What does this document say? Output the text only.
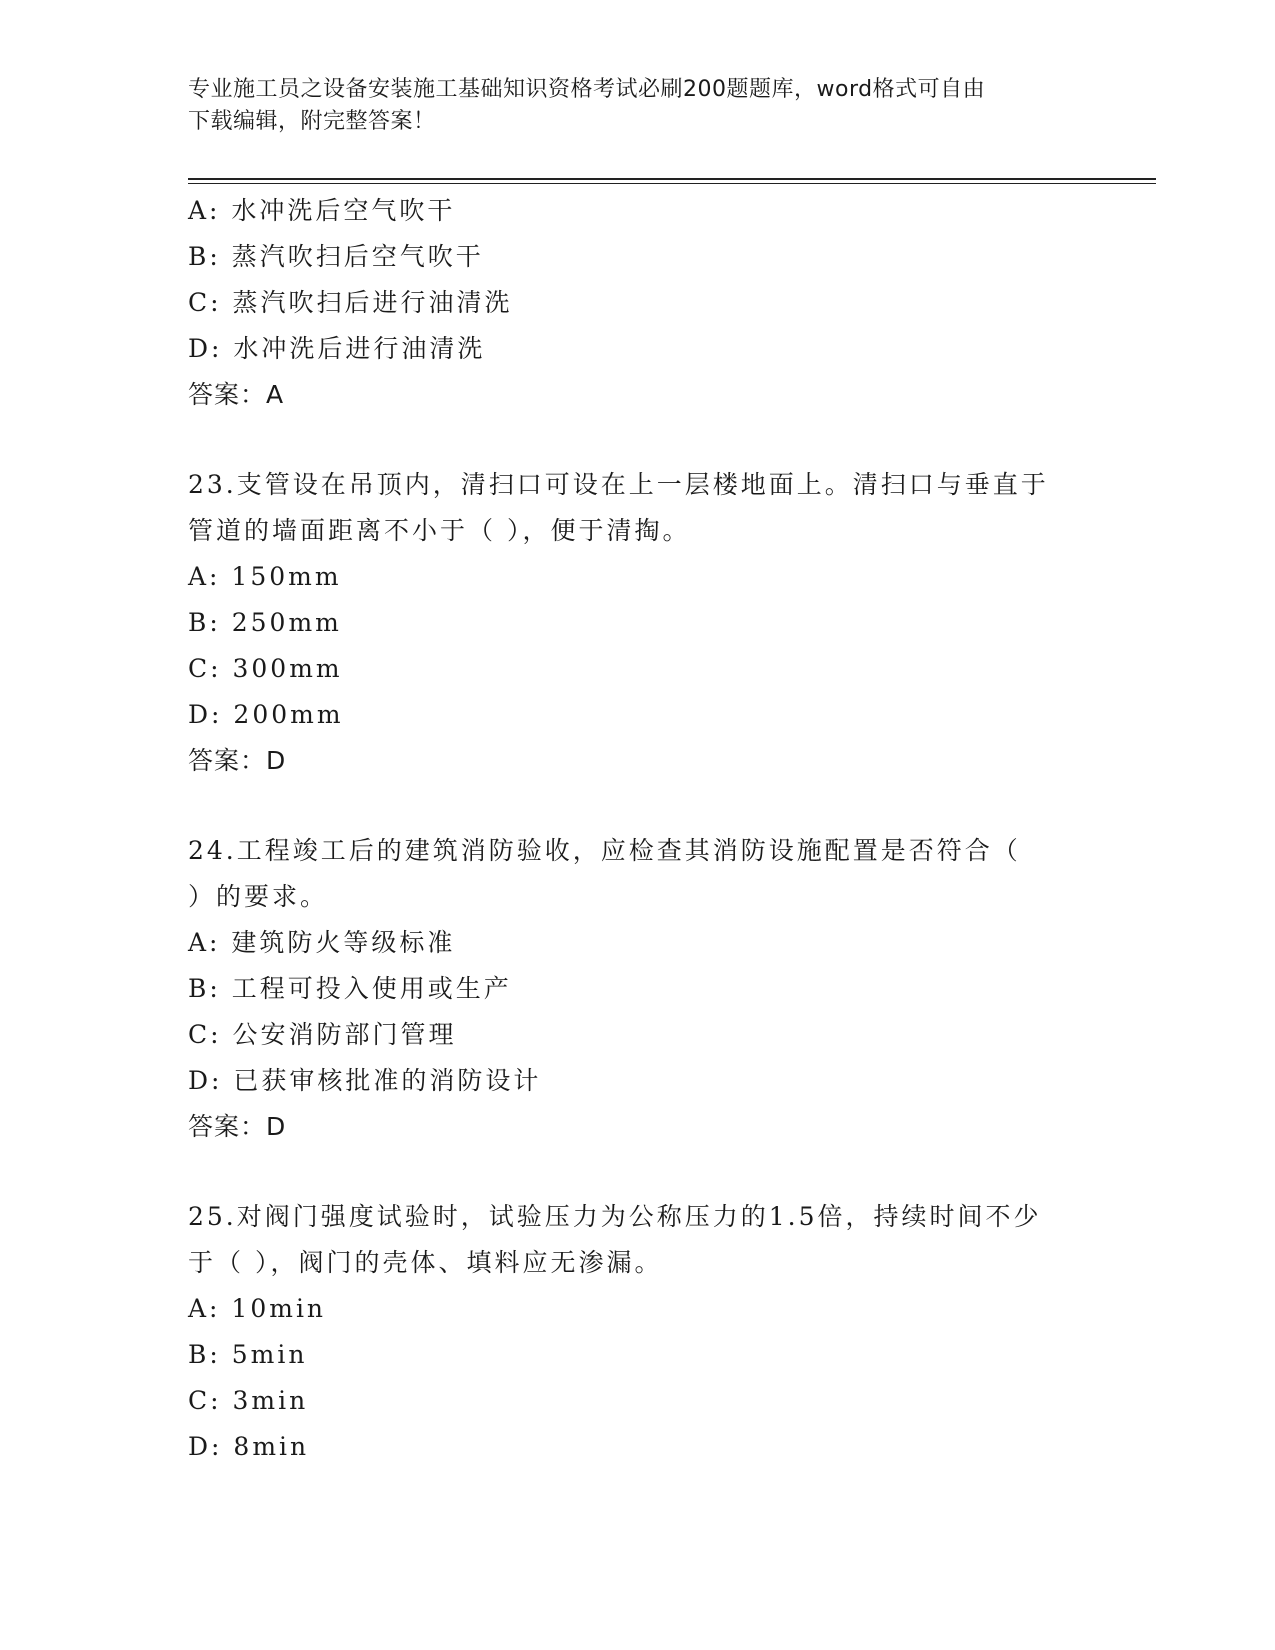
专业施工员之设备安装施工基础知识资格考试必刷200题题库，word格式可自由
下载编辑，附完整答案！
A: 水冲洗后空气吹干
B: 蒸汽吹扫后空气吹干
C: 蒸汽吹扫后进行油清洗
D: 水冲洗后进行油清洗
答案：A
23.支管设在吊顶内，清扫口可设在上一层楼地面上。清扫口与垂直于
管道的墙面距离不小于（ ），便于清掏。
A: 150mm
B: 250mm
C: 300mm
D: 200mm
答案：D
24.工程竣工后的建筑消防验收，应检查其消防设施配置是否符合（
）的要求。
A: 建筑防火等级标准
B: 工程可投入使用或生产
C: 公安消防部门管理
D: 已获审核批准的消防设计
答案：D
25.对阀门强度试验时，试验压力为公称压力的1.5倍，持续时间不少
于（ ），阀门的壳体、填料应无渗漏。
A: 10min
B: 5min
C: 3min
D: 8min
